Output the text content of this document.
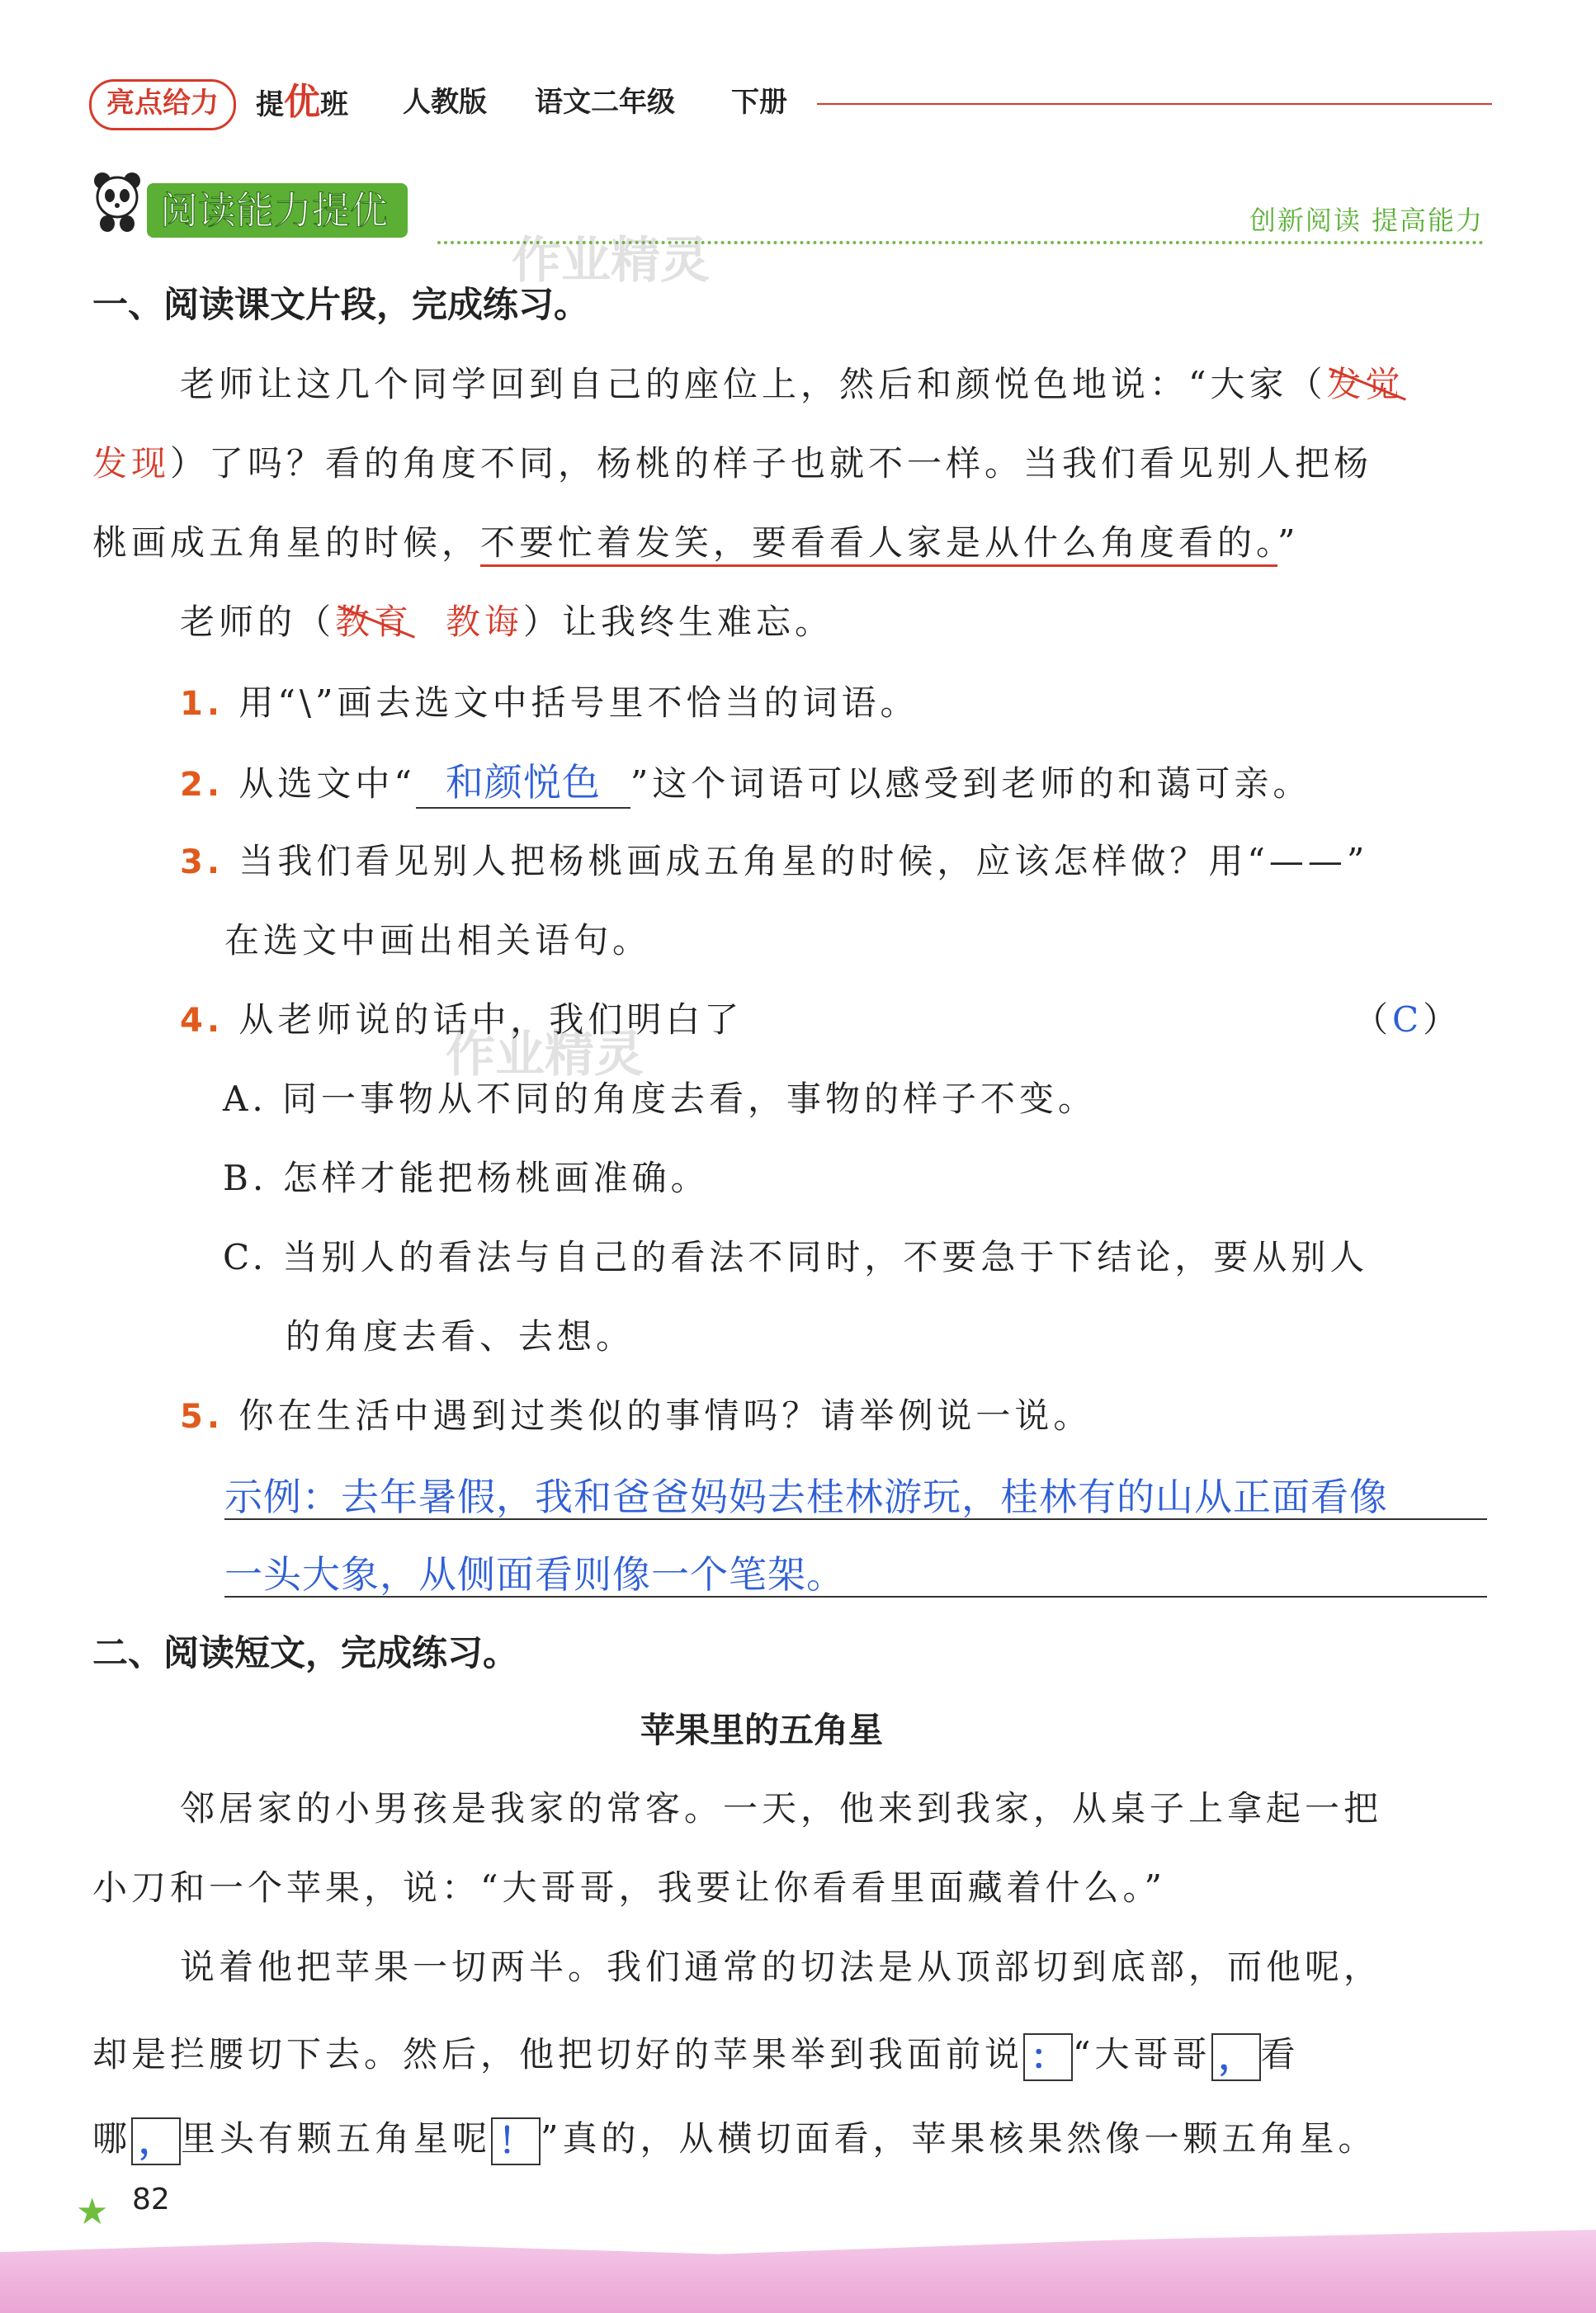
亮点给力	提优班 人教版 语文二年级 下册
阅读能力提优	创新阅读 提高能力
作业精灵
作业精灵
一、阅读课文片段，完成练习。
老师让这几个同学回到自己的座位上，然后和颜悦色地说：“大家（发觉
发现）了吗？看的角度不同，杨桃的样子也就不一样。当我们看见别人把杨
桃画成五角星的时候，不要忙着发笑，要看看人家是从什么角度看的。”
老师的（教育 教诲）让我终生难忘。
1. 用“\”画去选文中括号里不恰当的词语。
2. 从选文中“ 和颜悦色 ”这个词语可以感受到老师的和蔼可亲。
3. 当我们看见别人把杨桃画成五角星的时候，应该怎样做？用“——”
在选文中画出相关语句。
4. 从老师说的话中，我们明白了	（C）
A. 同一事物从不同的角度去看，事物的样子不变。
B. 怎样才能把杨桃画准确。
C. 当别人的看法与自己的看法不同时，不要急于下结论，要从别人
的角度去看、去想。
5. 你在生活中遇到过类似的事情吗？请举例说一说。
示例：去年暑假，我和爸爸妈妈去桂林游玩，桂林有的山从正面看像
一头大象，从侧面看则像一个笔架。
二、阅读短文，完成练习。
苹果里的五角星
邻居家的小男孩是我家的常客。一天，他来到我家，从桌子上拿起一把
小刀和一个苹果，说：“大哥哥，我要让你看看里面藏着什么。”
说着他把苹果一切两半。我们通常的切法是从顶部切到底部，而他呢，
却是拦腰切下去。然后，他把切好的苹果举到我面前说 ： “大哥哥 ， 看
哪 ， 里头有颗五角星呢 ！ ”真的，从横切面看，苹果核果然像一颗五角星。
★ 82
